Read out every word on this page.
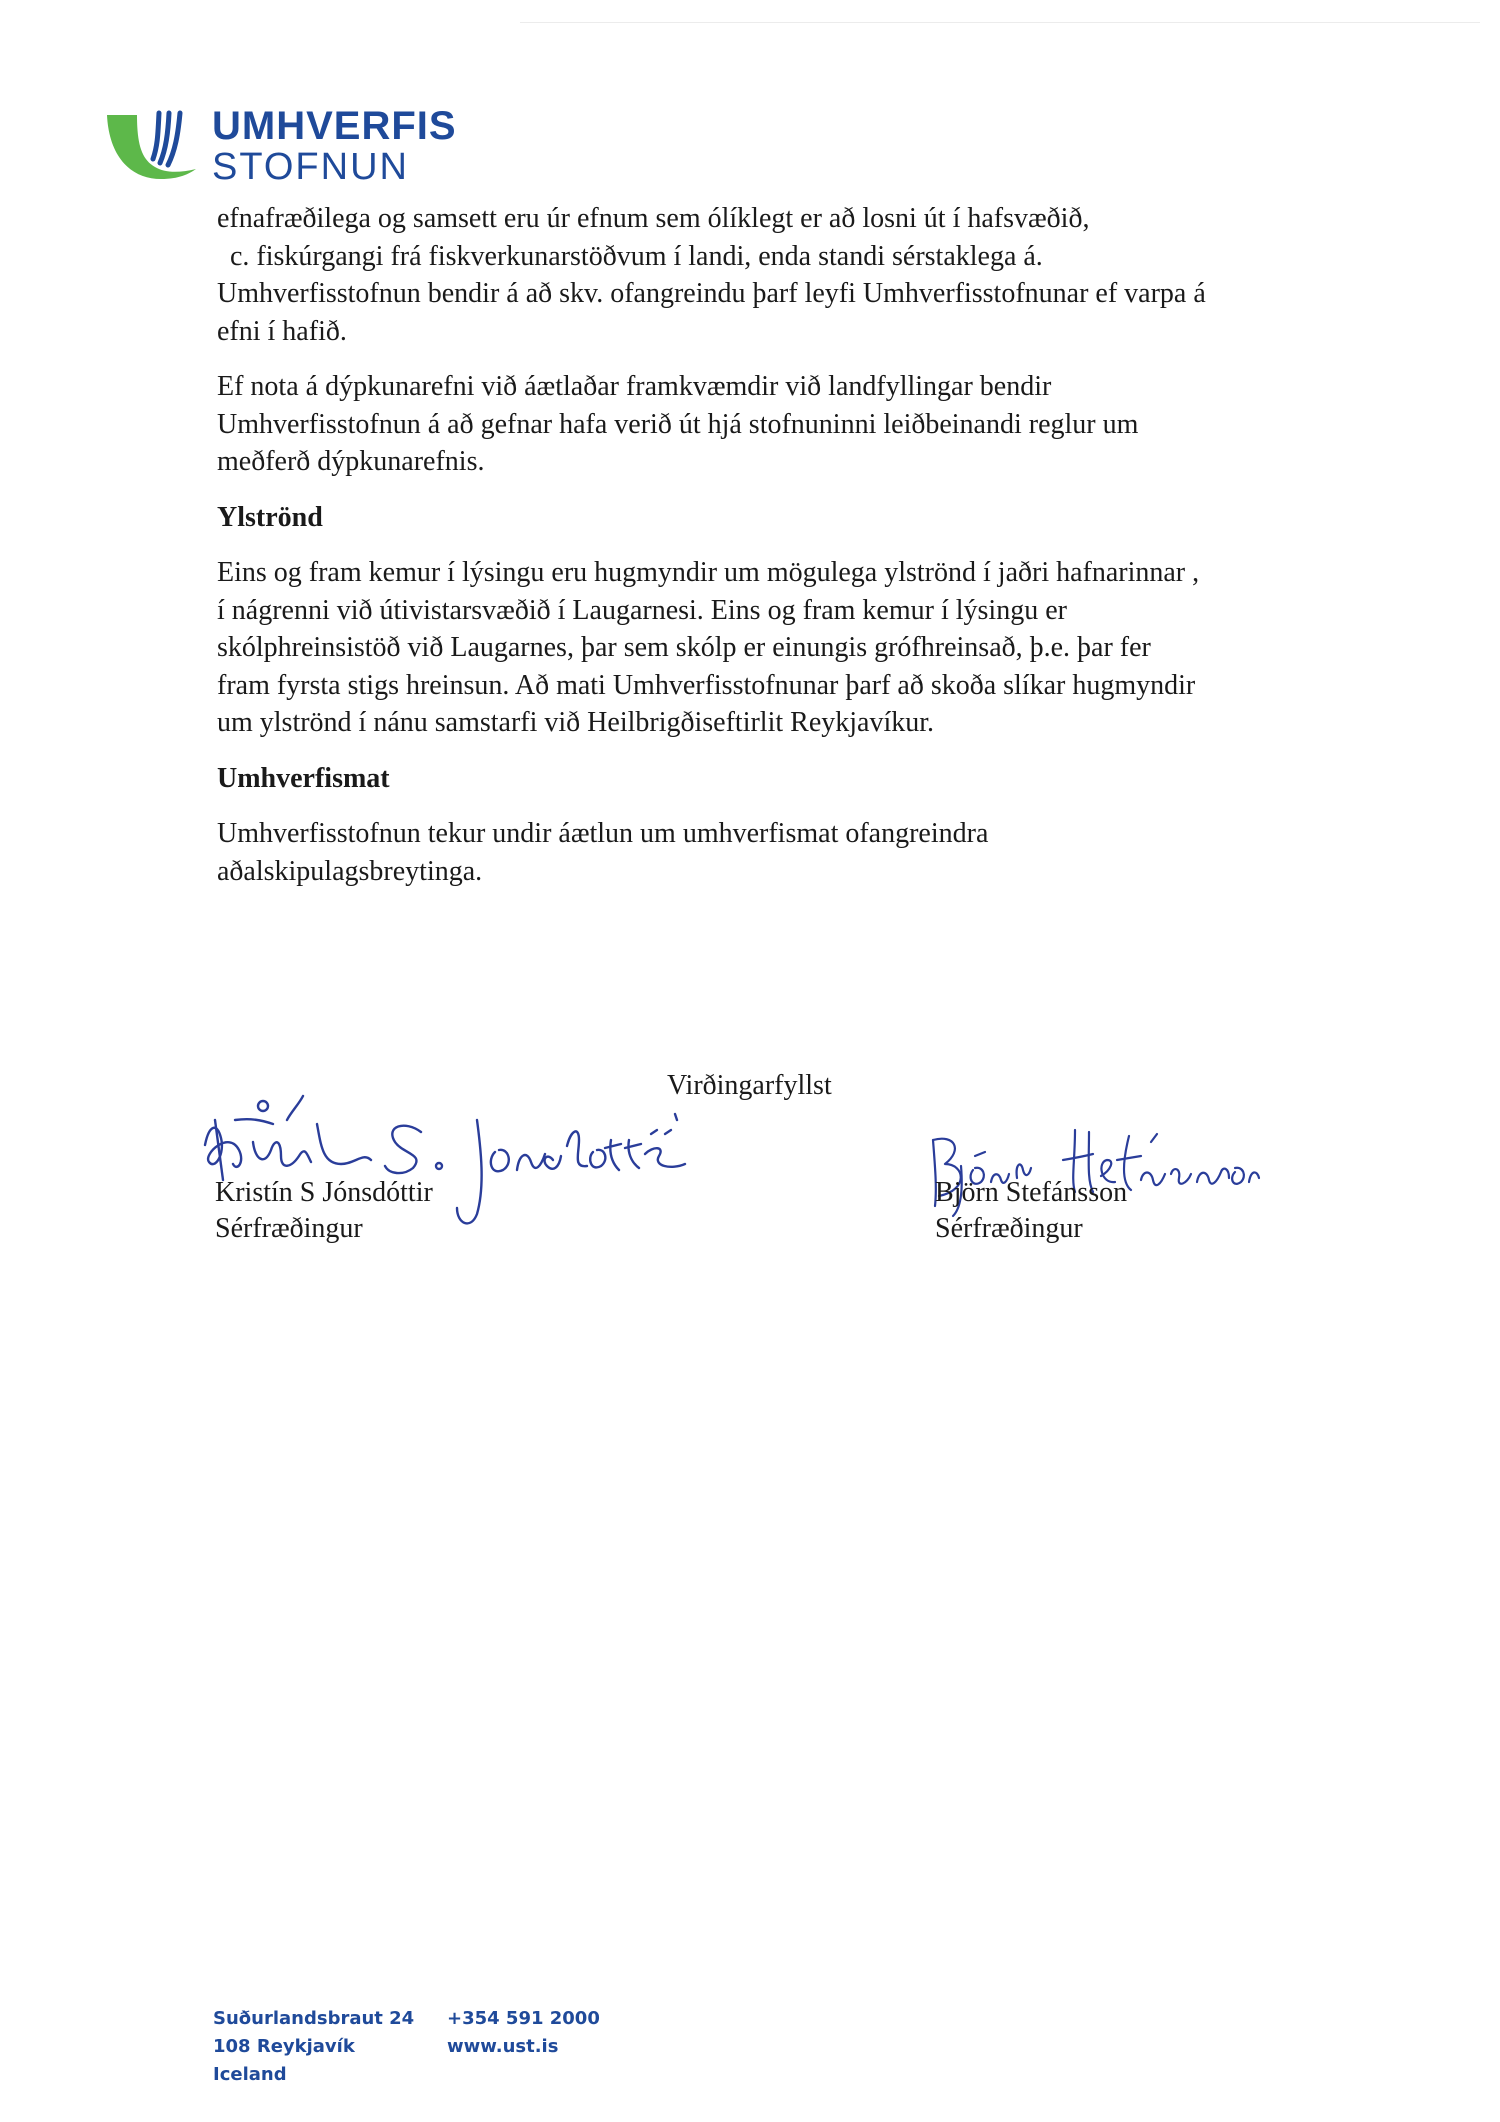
UMHVERFIS
STOFNUN

efnafræðilega og samsett eru úr efnum sem ólíklegt er að losni út í hafsvæðið,

c. fiskúrgangi frá fiskverkunarstöðvum í landi, enda standi sérstaklega á.

Umhverfisstofnun bendir á að skv. ofangreindu þarf leyfi Umhverfisstofnunar ef varpa á

efni í hafið.

Ef nota á dýpkunarefni við áætlaðar framkvæmdir við landfyllingar bendir

Umhverfisstofnun á að gefnar hafa verið út hjá stofnuninni leiðbeinandi reglur um

meðferð dýpkunarefnis.

Ylströnd

Eins og fram kemur í lýsingu eru hugmyndir um mögulega ylströnd í jaðri hafnarinnar ,

í nágrenni við útivistarsvæðið í Laugarnesi. Eins og fram kemur í lýsingu er

skólphreinsistöð við Laugarnes, þar sem skólp er einungis grófhreinsað, þ.e. þar fer

fram fyrsta stigs hreinsun. Að mati Umhverfisstofnunar þarf að skoða slíkar hugmyndir

um ylströnd í nánu samstarfi við Heilbrigðiseftirlit Reykjavíkur.

Umhverfismat

Umhverfisstofnun tekur undir áætlun um umhverfismat ofangreindra

aðalskipulagsbreytinga.

Virðingarfyllst
Kristín S Jónsdóttir
Sérfræðingur
Björn Stefánsson
Sérfræðingur
Suðurlandsbraut 24
108 Reykjavík
Iceland
+354 591 2000
www.ust.is
